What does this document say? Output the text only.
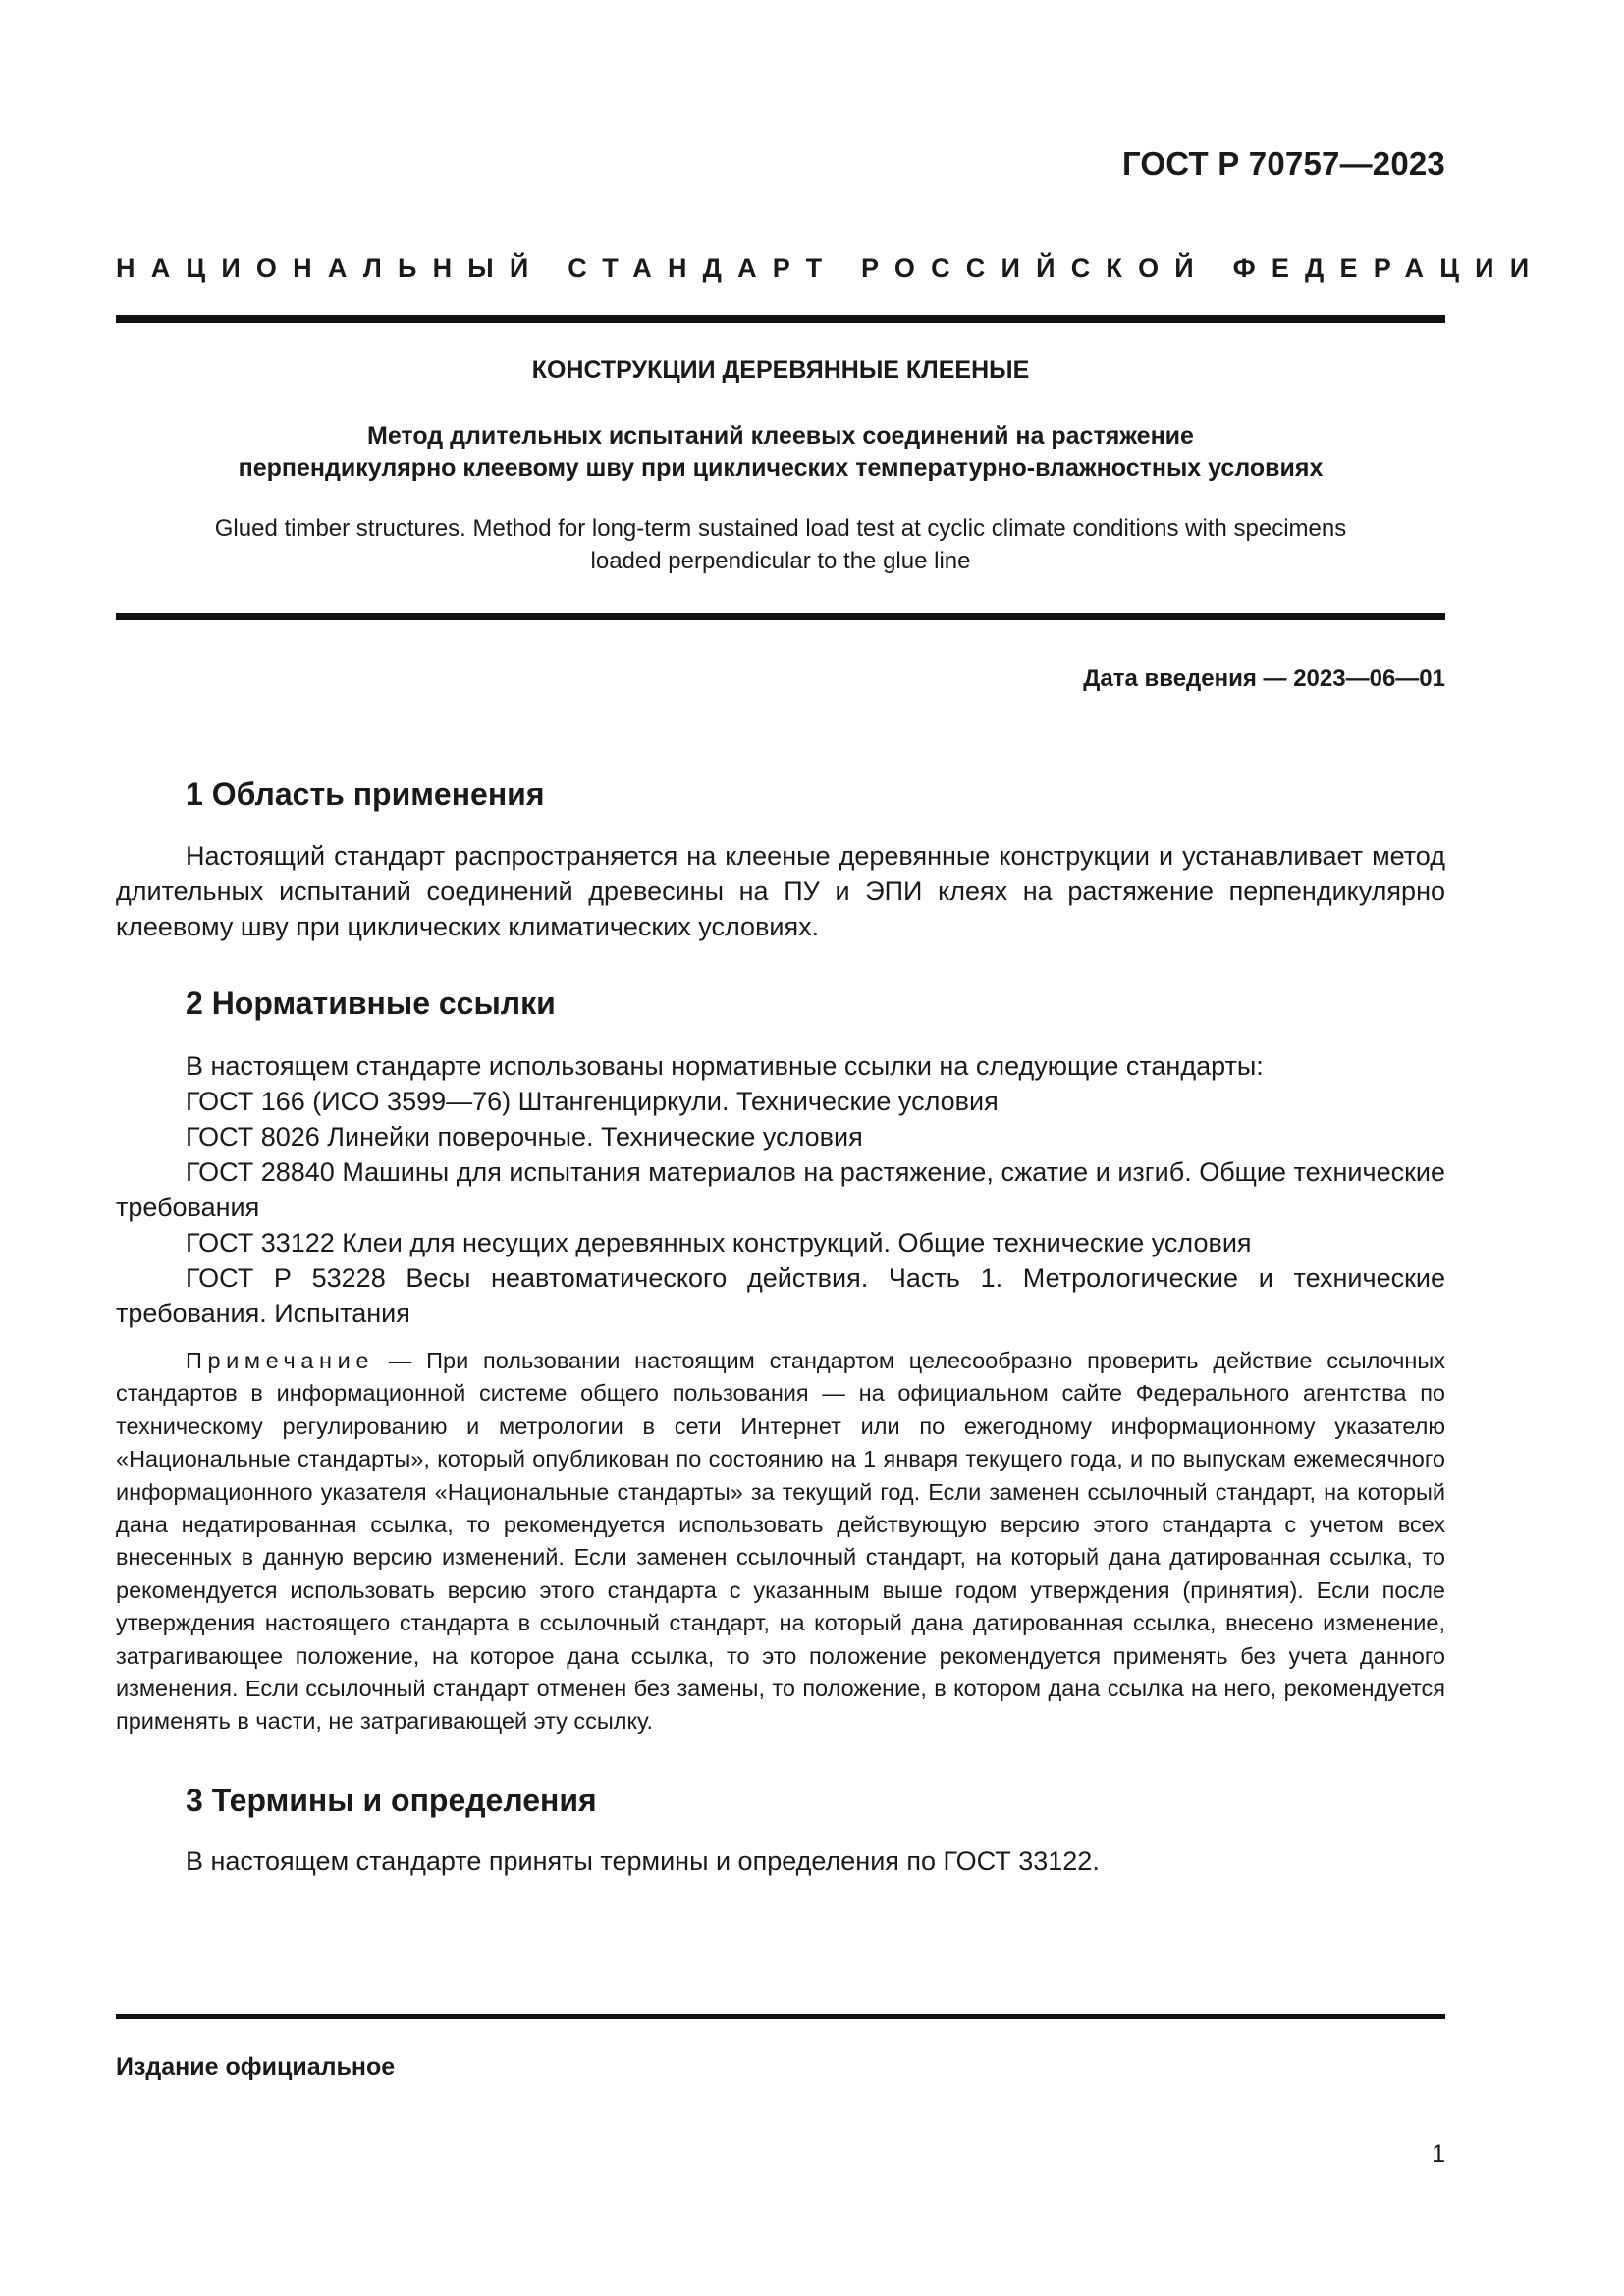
ГОСТ Р 70757—2023
НАЦИОНАЛЬНЫЙ СТАНДАРТ РОССИЙСКОЙ ФЕДЕРАЦИИ
КОНСТРУКЦИИ ДЕРЕВЯННЫЕ КЛЕЕНЫЕ
Метод длительных испытаний клеевых соединений на растяжение
перпендикулярно клеевому шву при циклических температурно-влажностных условиях
Glued timber structures. Method for long-term sustained load test at cyclic climate conditions with specimens
loaded perpendicular to the glue line
Дата введения — 2023—06—01
1 Область применения
Настоящий стандарт распространяется на клееные деревянные конструкции и устанавливает метод длительных испытаний соединений древесины на ПУ и ЭПИ клеях на растяжение перпендикулярно клеевому шву при циклических климатических условиях.
2 Нормативные ссылки
В настоящем стандарте использованы нормативные ссылки на следующие стандарты:
ГОСТ 166 (ИСО 3599—76) Штангенциркули. Технические условия
ГОСТ 8026 Линейки поверочные. Технические условия
ГОСТ 28840 Машины для испытания материалов на растяжение, сжатие и изгиб. Общие технические требования
ГОСТ 33122 Клеи для несущих деревянных конструкций. Общие технические условия
ГОСТ Р 53228 Весы неавтоматического действия. Часть 1. Метрологические и технические требования. Испытания
Примечание — При пользовании настоящим стандартом целесообразно проверить действие ссылочных стандартов в информационной системе общего пользования — на официальном сайте Федерального агентства по техническому регулированию и метрологии в сети Интернет или по ежегодному информационному указателю «Национальные стандарты», который опубликован по состоянию на 1 января текущего года, и по выпускам ежемесячного информационного указателя «Национальные стандарты» за текущий год. Если заменен ссылочный стандарт, на который дана недатированная ссылка, то рекомендуется использовать действующую версию этого стандарта с учетом всех внесенных в данную версию изменений. Если заменен ссылочный стандарт, на который дана датированная ссылка, то рекомендуется использовать версию этого стандарта с указанным выше годом утверждения (принятия). Если после утверждения настоящего стандарта в ссылочный стандарт, на который дана датированная ссылка, внесено изменение, затрагивающее положение, на которое дана ссылка, то это положение рекомендуется применять без учета данного изменения. Если ссылочный стандарт отменен без замены, то положение, в котором дана ссылка на него, рекомендуется применять в части, не затрагивающей эту ссылку.
3 Термины и определения
В настоящем стандарте приняты термины и определения по ГОСТ 33122.
Издание официальное
1
